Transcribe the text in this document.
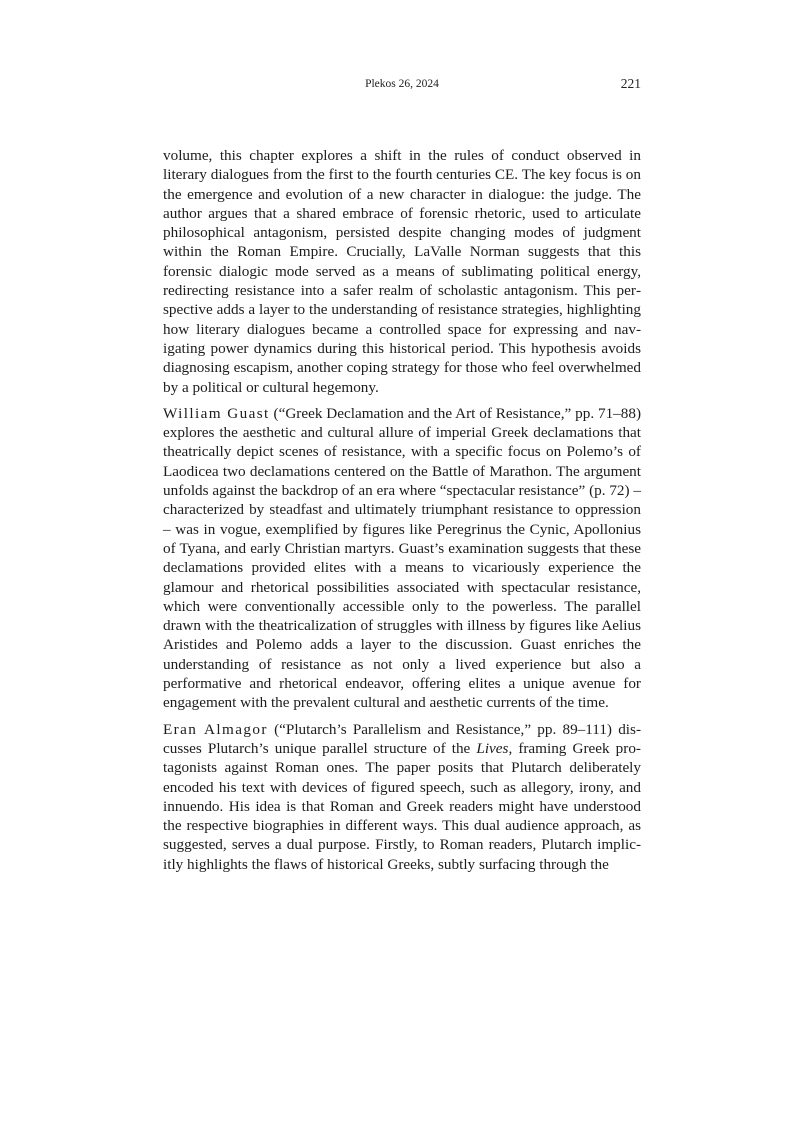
Plekos 26, 2024	221

volume, this chapter explores a shift in the rules of conduct observed in literary dialogues from the first to the fourth centuries CE. The key focus is on the emergence and evolution of a new character in dialogue: the judge. The author argues that a shared embrace of forensic rhetoric, used to articulate philosophical antagonism, persisted despite changing modes of judgment within the Roman Empire. Crucially, LaValle Norman suggests that this forensic dialogic mode served as a means of sublimating political energy, redirecting resistance into a safer realm of scholastic antagonism. This perspective adds a layer to the understanding of resistance strategies, highlighting how literary dialogues became a controlled space for expressing and navigating power dynamics during this historical period. This hypothesis avoids diagnosing escapism, another coping strategy for those who feel overwhelmed by a political or cultural hegemony.

William Guast (“Greek Declamation and the Art of Resistance,” pp. 71–88) explores the aesthetic and cultural allure of imperial Greek declamations that theatrically depict scenes of resistance, with a specific focus on Polemo’s of Laodicea two declamations centered on the Battle of Marathon. The argument unfolds against the backdrop of an era where “spectacular resistance” (p. 72) – characterized by steadfast and ultimately triumphant resistance to oppression – was in vogue, exemplified by figures like Peregrinus the Cynic, Apollonius of Tyana, and early Christian martyrs. Guast’s examination suggests that these declamations provided elites with a means to vicariously experience the glamour and rhetorical possibilities associated with spectacular resistance, which were conventionally accessible only to the powerless. The parallel drawn with the theatricalization of struggles with illness by figures like Aelius Aristides and Polemo adds a layer to the discussion. Guast enriches the understanding of resistance as not only a lived experience but also a performative and rhetorical endeavor, offering elites a unique avenue for engagement with the prevalent cultural and aesthetic currents of the time.

Eran Almagor (“Plutarch’s Parallelism and Resistance,” pp. 89–111) discusses Plutarch’s unique parallel structure of the Lives, framing Greek protagonists against Roman ones. The paper posits that Plutarch deliberately encoded his text with devices of figured speech, such as allegory, irony, and innuendo. His idea is that Roman and Greek readers might have understood the respective biographies in different ways. This dual audience approach, as suggested, serves a dual purpose. Firstly, to Roman readers, Plutarch implicitly highlights the flaws of historical Greeks, subtly surfacing through the
